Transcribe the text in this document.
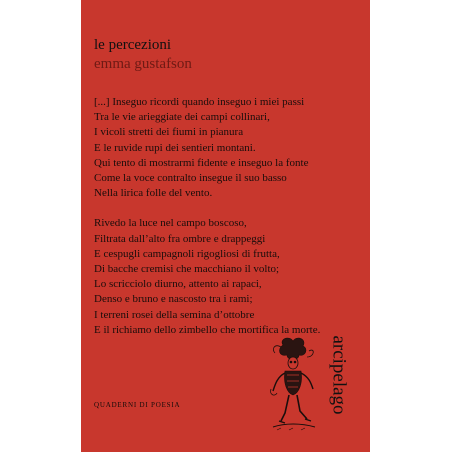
le percezioni
emma gustafson

[...] Inseguo ricordi quando inseguo i miei passi
Tra le vie arieggiate dei campi collinari,
I vicoli stretti dei fiumi in pianura
E le ruvide rupi dei sentieri montani.
Qui tento di mostrarmi fidente e inseguo la fonte
Come la voce contralto insegue il suo basso
Nella lirica folle del vento.

Rivedo la luce nel campo boscoso,
Filtrata dall’alto fra ombre e drappeggi
E cespugli campagnoli rigogliosi di frutta,
Di bacche cremisi che macchiano il volto;
Lo scricciolo diurno, attento ai rapaci,
Denso e bruno e nascosto tra i rami;
I terreni rosei della semina d’ottobre
E il richiamo dello zimbello che mortifica la morte.

QUADERNI DI POESIA	arcipelago
